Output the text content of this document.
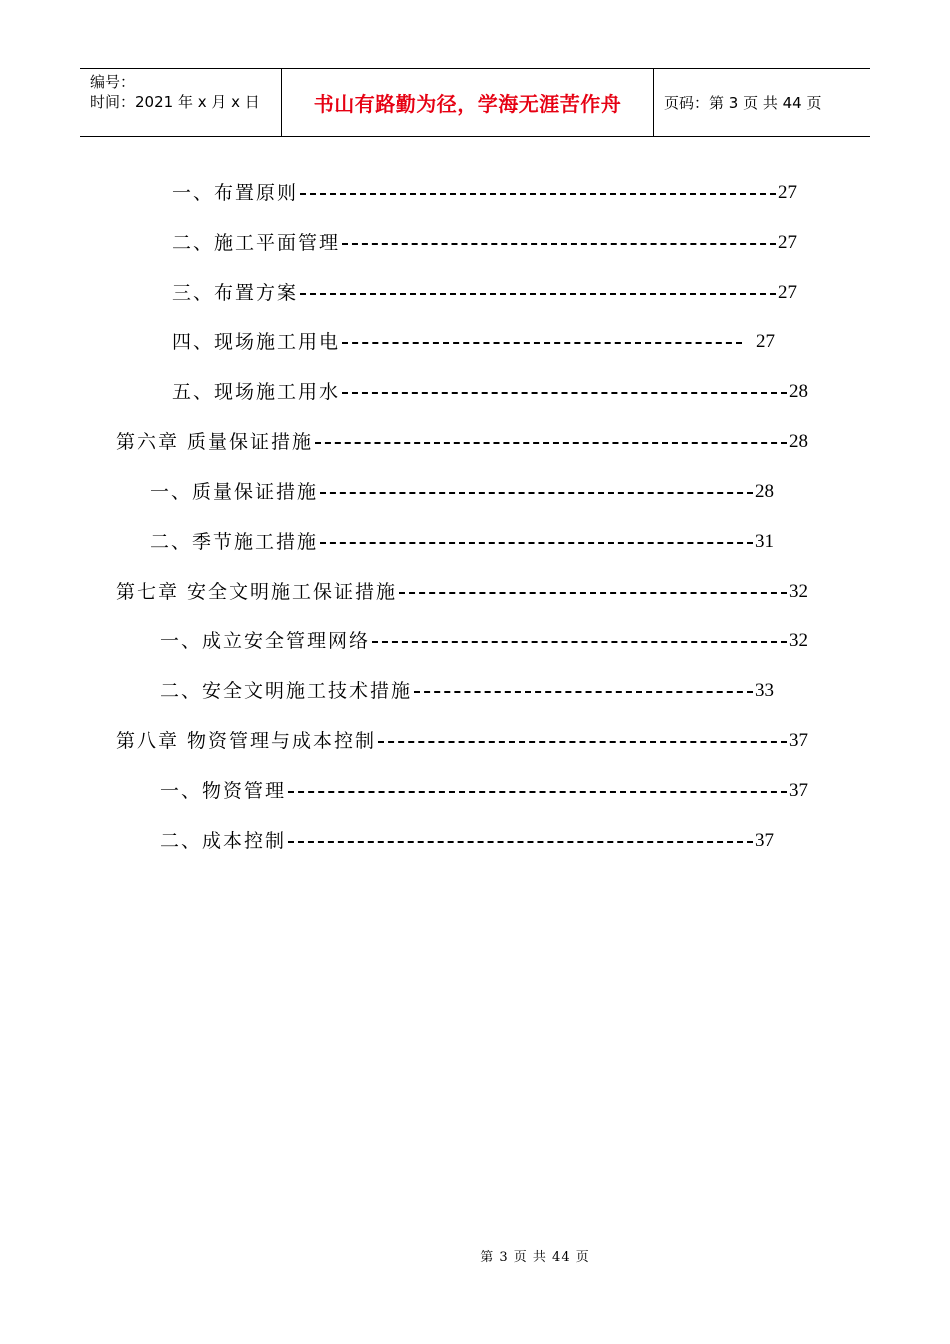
编号：
时间：2021 年 x 月 x 日	书山有路勤为径，学海无涯苦作舟	页码：第 3 页 共 44 页
一、布置原则	27
二、施工平面管理	27
三、布置方案	27
四、现场施工用电	27
五、现场施工用水	28
第六章 质量保证措施	28
一、质量保证措施	28
二、季节施工措施	31
第七章 安全文明施工保证措施	32
一、成立安全管理网络	32
二、安全文明施工技术措施	33
第八章 物资管理与成本控制	37
一、物资管理	37
二、成本控制	37
第 3 页 共 44 页
